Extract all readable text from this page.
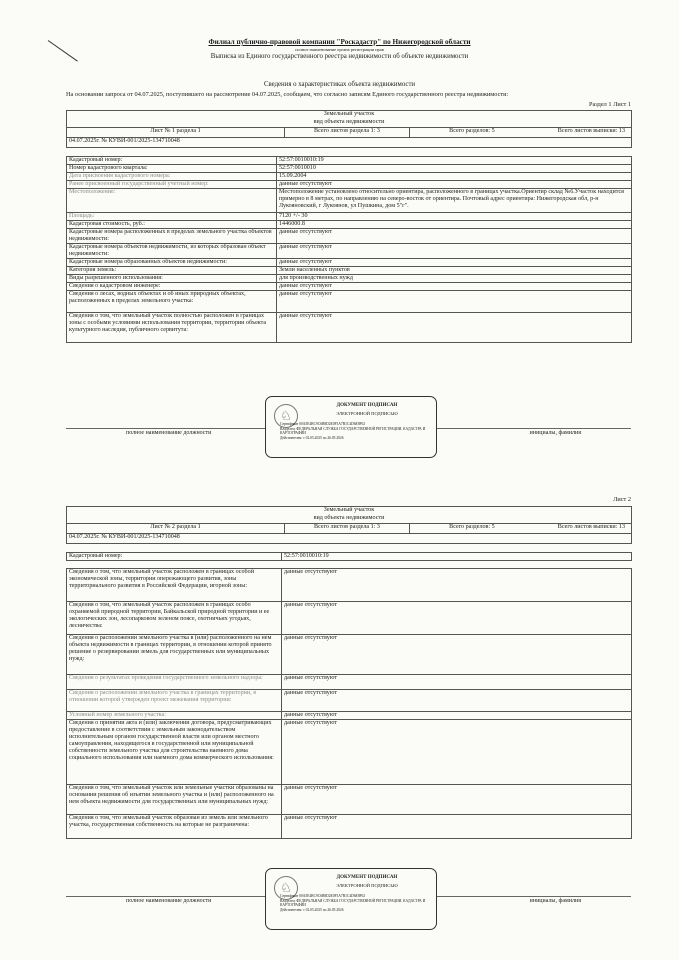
Филиал публично-правовой компании "Роскадастр" по Нижегородской области
полное наименование органа регистрации прав
Выписка из Единого государственного реестра недвижимости об объекте недвижимости
Сведения о характеристиках объекта недвижимости
На основании запроса от 04.07.2025, поступившего на рассмотрение 04.07.2025, сообщаем, что согласно записям Единого государственного реестра недвижимости:
Раздел 1 Лист 1
Земельный участок
вид объекта недвижимости

Лист № 1 раздела 1	Всего листов раздела 1: 3	Всего разделов: 5	Всего листов выписки: 13
04.07.2025г. № КУВИ-001/2025-134710048
Кадастровый номер:	52:57:0010010:19
Номер кадастрового квартала:	52:57:0010010
Дата присвоения кадастрового номера:	15.09.2004
Ранее присвоенный государственный учетный номер:	данные отсутствуют
Местоположение:	Местоположение установлено относительно ориентира, расположенного в границах участка.Ориентир склад №6.Участок находится примерно в 8 метрах, по направлению на северо-восток от ориентира. Почтовый адрес ориентира: Нижегородская обл, р-н Лукояновский, г Лукоянов, ул Пушкина, дом 5"г".
Площадь:	7120 +/- 30
Кадастровая стоимость, руб.:	1446000.8
Кадастровые номера расположенных в пределах земельного участка объектов недвижимости:	данные отсутствуют
Кадастровые номера объектов недвижимости, из которых образован объект недвижимости:	данные отсутствуют
Кадастровые номера образованных объектов недвижимости:	данные отсутствуют
Категория земель:	Земли населенных пунктов
Виды разрешенного использования:	для производственных нужд
Сведения о кадастровом инженере:	данные отсутствуют
Сведения о лесах, водных объектах и об иных природных объектах, расположенных в пределах земельного участка:	данные отсутствуют
Сведения о том, что земельный участок полностью расположен в границах зоны с особыми условиями использования территории, территории объекта культурного наследия, публичного сервитута:	данные отсутствуют
полное наименование должности	инициалы, фамилия
♘
ДОКУМЕНТ ПОДПИСАН
ЭЛЕКТРОННОЙ ПОДПИСЬЮ
Сертификат 00A5E4BC9C6B8D2E0F3A7B1C4D6E8F02
Владелец: ФЕДЕРАЛЬНАЯ СЛУЖБА ГОСУДАРСТВЕННОЙ РЕГИСТРАЦИИ, КАДАСТРА И КАРТОГРАФИИ
Действителен: с 02.05.2025 по 26.05.2026
Лист 2
Земельный участок
вид объекта недвижимости

Лист № 2 раздела 1	Всего листов раздела 1: 3	Всего разделов: 5	Всего листов выписки: 13
04.07.2025г. № КУВИ-001/2025-134710048
Кадастровый номер:	52:57:0010010:19

Сведения о том, что земельный участок расположен в границах особой экономической зоны, территории опережающего развития, зоны территориального развития в Российской Федерации, игорной зоны:	данные отсутствуют
Сведения о том, что земельный участок расположен в границах особо охраняемой природной территории, Байкальской природной территории и ее экологических зон, лесопарковом зеленом поясе, охотничьих угодьях, лесничества:	данные отсутствуют
Сведения о расположении земельного участка в (или) расположенного на нем объекта недвижимости в границах территории, в отношении которой принято решение о резервировании земель для государственных или муниципальных нужд:	данные отсутствуют
Сведения о результатах проведения государственного земельного надзора:	данные отсутствуют
Сведения о расположении земельного участка в границах территории, в отношении которой утвержден проект межевания территории:	данные отсутствуют
Условный номер земельного участка:	данные отсутствуют
Сведения о принятии акта и (или) заключении договора, предусматривающих предоставление в соответствии с земельным законодательством исполнительным органом государственной власти или органом местного самоуправления, находящегося в государственной или муниципальной собственности земельного участка для строительства наемного дома социального использования или наемного дома коммерческого использования:	данные отсутствуют
Сведения о том, что земельный участок или земельные участки образованы на основании решения об изъятии земельного участка и (или) расположенного на нем объекта недвижимости для государственных или муниципальных нужд:	данные отсутствуют
Сведения о том, что земельный участок образован из земель или земельного участка, государственная собственность на которые не разграничена:	данные отсутствуют
полное наименование должности	инициалы, фамилия
♘
ДОКУМЕНТ ПОДПИСАН
ЭЛЕКТРОННОЙ ПОДПИСЬЮ
Сертификат 00A5E4BC9C6B8D2E0F3A7B1C4D6E8F02
Владелец: ФЕДЕРАЛЬНАЯ СЛУЖБА ГОСУДАРСТВЕННОЙ РЕГИСТРАЦИИ, КАДАСТРА И КАРТОГРАФИИ
Действителен: с 02.05.2025 по 26.05.2026
